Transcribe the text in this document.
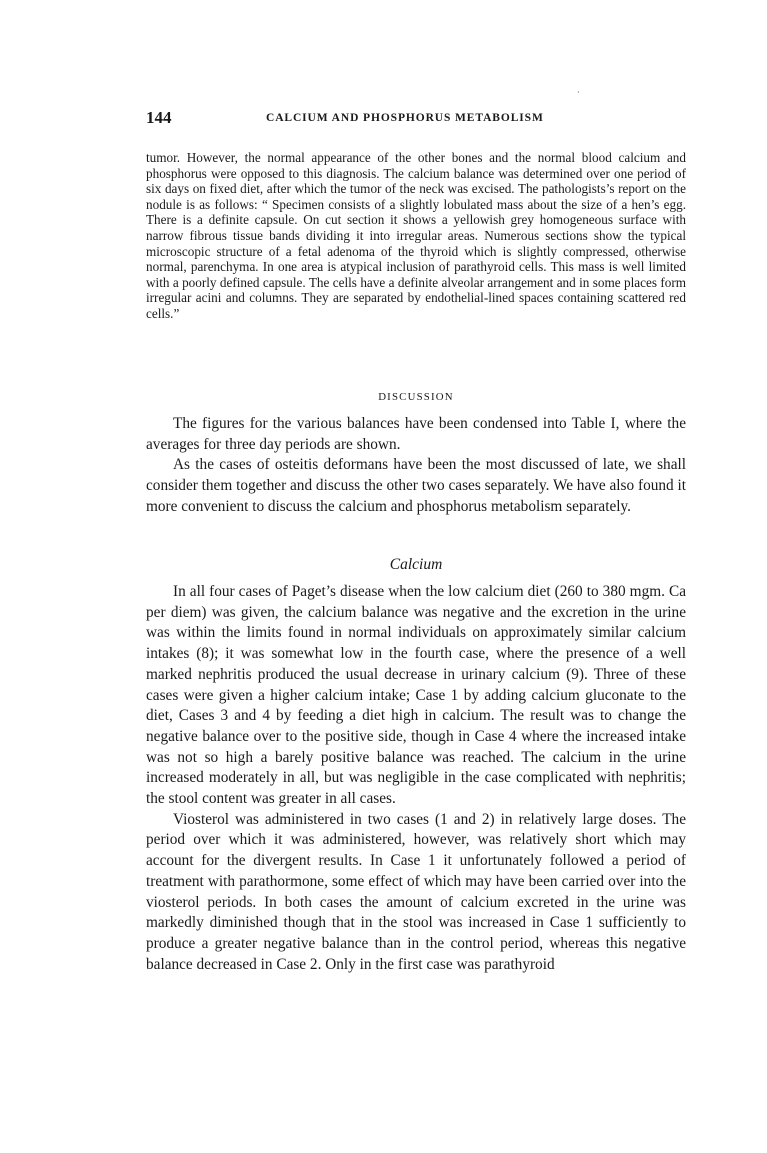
·
144	CALCIUM AND PHOSPHORUS METABOLISM

tumor. However, the normal appearance of the other bones and the normal blood calcium and phosphorus were opposed to this diagnosis. The calcium balance was determined over one period of six days on fixed diet, after which the tumor of the neck was excised. The pathologists’s report on the nodule is as follows: “ Specimen consists of a slightly lobulated mass about the size of a hen’s egg. There is a definite capsule. On cut section it shows a yellowish grey homogeneous surface with narrow fibrous tissue bands dividing it into irregular areas. Numerous sections show the typical microscopic structure of a fetal adenoma of the thyroid which is slightly compressed, otherwise normal, parenchyma. In one area is atypical inclusion of parathyroid cells. This mass is well limited with a poorly defined capsule. The cells have a definite alveolar arrangement and in some places form irregular acini and columns. They are separated by endothelial-lined spaces containing scattered red cells.”

DISCUSSION

The figures for the various balances have been condensed into Table I, where the averages for three day periods are shown.

As the cases of osteitis deformans have been the most discussed of late, we shall consider them together and discuss the other two cases separately. We have also found it more convenient to discuss the calcium and phosphorus metabolism separately.

Calcium

In all four cases of Paget’s disease when the low calcium diet (260 to 380 mgm. Ca per diem) was given, the calcium balance was negative and the excretion in the urine was within the limits found in normal individuals on approximately similar calcium intakes (8); it was somewhat low in the fourth case, where the presence of a well marked nephritis produced the usual decrease in urinary calcium (9). Three of these cases were given a higher calcium intake; Case 1 by adding calcium gluconate to the diet, Cases 3 and 4 by feeding a diet high in calcium. The result was to change the negative balance over to the positive side, though in Case 4 where the increased intake was not so high a barely positive balance was reached. The calcium in the urine increased moderately in all, but was negligible in the case complicated with nephritis; the stool content was greater in all cases.

Viosterol was administered in two cases (1 and 2) in relatively large doses. The period over which it was administered, however, was relatively short which may account for the divergent results. In Case 1 it unfortunately followed a period of treatment with parathormone, some effect of which may have been carried over into the viosterol periods. In both cases the amount of calcium excreted in the urine was markedly diminished though that in the stool was increased in Case 1 sufficiently to produce a greater negative balance than in the control period, whereas this negative balance decreased in Case 2. Only in the first case was parathyroid
